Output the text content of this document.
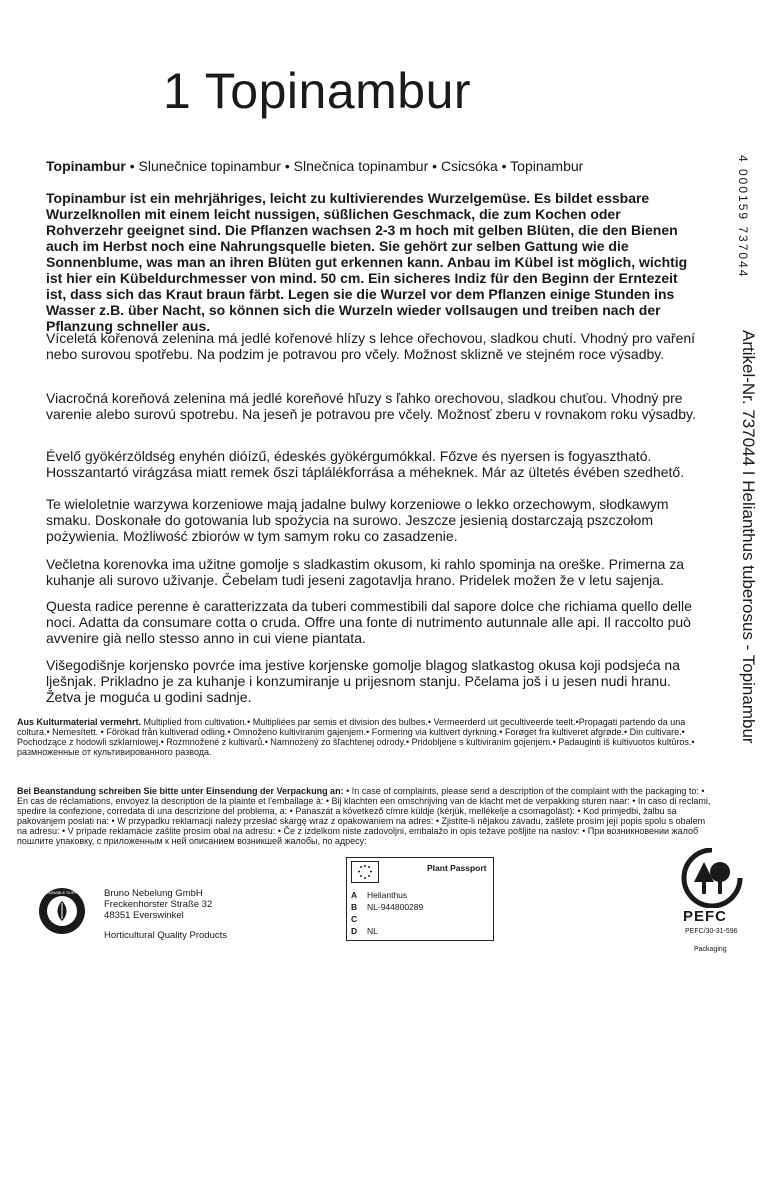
1 Topinambur
Topinambur • Slunečnice topinambur • Slnečnica topinambur • Csicsóka • Topinambur
Topinambur ist ein mehrjähriges, leicht zu kultivierendes Wurzelgemüse. Es bildet essbare Wurzelknollen mit einem leicht nussigen, süßlichen Geschmack, die zum Kochen oder Rohverzehr geeignet sind. Die Pflanzen wachsen 2-3 m hoch mit gelben Blüten, die den Bienen auch im Herbst noch eine Nahrungsquelle bieten. Sie gehört zur selben Gattung wie die Sonnenblume, was man an ihren Blüten gut erkennen kann. Anbau im Kübel ist möglich, wichtig ist hier ein Kübeldurchmesser von mind. 50 cm. Ein sicheres Indiz für den Beginn der Erntezeit ist, dass sich das Kraut braun färbt. Legen sie die Wurzel vor dem Pflanzen einige Stunden ins Wasser z.B. über Nacht, so können sich die Wurzeln wieder vollsaugen und treiben nach der Pflanzung schneller aus.
Víceletá kořenová zelenina má jedlé kořenové hlízy s lehce ořechovou, sladkou chutí. Vhodný pro vaření nebo surovou spotřebu. Na podzim je potravou pro včely. Možnost sklizně ve stejném roce výsadby.
Viacročná koreňová zelenina má jedlé koreňové hľuzy s ľahko orechovou, sladkou chuťou. Vhodný pre varenie alebo surovú spotrebu. Na jeseň je potravou pre včely. Možnosť zberu v rovnakom roku výsadby.
Évelő gyökérzöldség enyhén dióízű, édeskés gyökérgumókkal. Főzve és nyersen is fogyasztható. Hosszantartó virágzása miatt remek őszi táplálékforrása a méheknek. Már az ültetés évében szedhető.
Te wieloletnie warzywa korzeniowe mają jadalne bulwy korzeniowe o lekko orzechowym, słodkawym smaku. Doskonałe do gotowania lub spożycia na surowo. Jeszcze jesienią dostarczają pszczołom pożywienia. Możliwość zbiorów w tym samym roku co zasadzenie.
Večletna korenovka ima užitne gomolje s sladkastim okusom, ki rahlo spominja na oreške. Primerna za kuhanje ali surovo uživanje. Čebelam tudi jeseni zagotavlja hrano. Pridelek možen že v letu sajenja.
Questa radice perenne è caratterizzata da tuberi commestibili dal sapore dolce che richiama quello delle noci. Adatta da consumare cotta o cruda. Offre una fonte di nutrimento autunnale alle api. Il raccolto può avvenire già nello stesso anno in cui viene piantata.
Višegodišnje korjensko povrće ima jestive korjenske gomolje blagog slatkastog okusa koji podsjeća na lješnjak. Prikladno je za kuhanje i konzumiranje u prijesnom stanju. Pčelama još i u jesen nudi hranu. Žetva je moguća u godini sadnje.
Aus Kulturmaterial vermehrt. Multiplied from cultivation.• Multipliées par semis et division des bulbes.• Vermeerderd uit gecultiveerde teelt.•Propagati partendo da una coltura.• Nemesített. • Förökad från kultiverad odling.• Omnoženo kultiviranim gajenjem.• Formering via kultivert dyrkning.• Forøget fra kultiveret afgrøde.• Din cultivare.• Pochodzące z hodowli szklarniowej.• Rozmnožené z kultivarů.• Namnożený zo šľachtenej odrody.• Pridobljene s kultiviranim gojenjem.• Padauginti iš kultivuotos kultūros.• размноженные от культивированного развода.
Bei Beanstandung schreiben Sie bitte unter Einsendung der Verpackung an: • In case of complaints, please send a description of the complaint with the packaging to: • En cas de réclamations, envoyez la description de la plainte et l'emballage à: • Bij klachten een omschrijving van de klacht met de verpakking sturen naar: • In caso di reclami, spedire la confezione, corredata di una descrizione del problema, a: • Panaszát a következő címre küldje (kérjük, mellékelje a csomagolást): • Kod primjedbi, žalbu sa pakovanjem poslati na: • W przypadku reklamacji należy przesłać skargę wraz z opakowaniem na adres: • Zjistíte-li nějakou závadu, zašlete prosím její popis spolu s obalem na adresu: • V prípade reklamácie zašlite prosím obal na adresu: • Če z izdelkom niste zadovoljni, embalažo in opis težave pošljite na naslov: • При возникновении жалоб пошлите упаковку, с приложенным к ней описанием возникшей жалобы, по адресу:
SUSTAINABLE SUPPLIER Bruno Nebelung GmbH
Freckenhorster Straße 32
48351 Everswinkel
Horticultural Quality Products
Plant Passport
A Helianthus
B NL-944800289
C
D NL
PEFC
PEFC/30-31-596
Packaging
4 000159 737044
Artikel-Nr. 737044 I Helianthus tuberosus - Topinambur
